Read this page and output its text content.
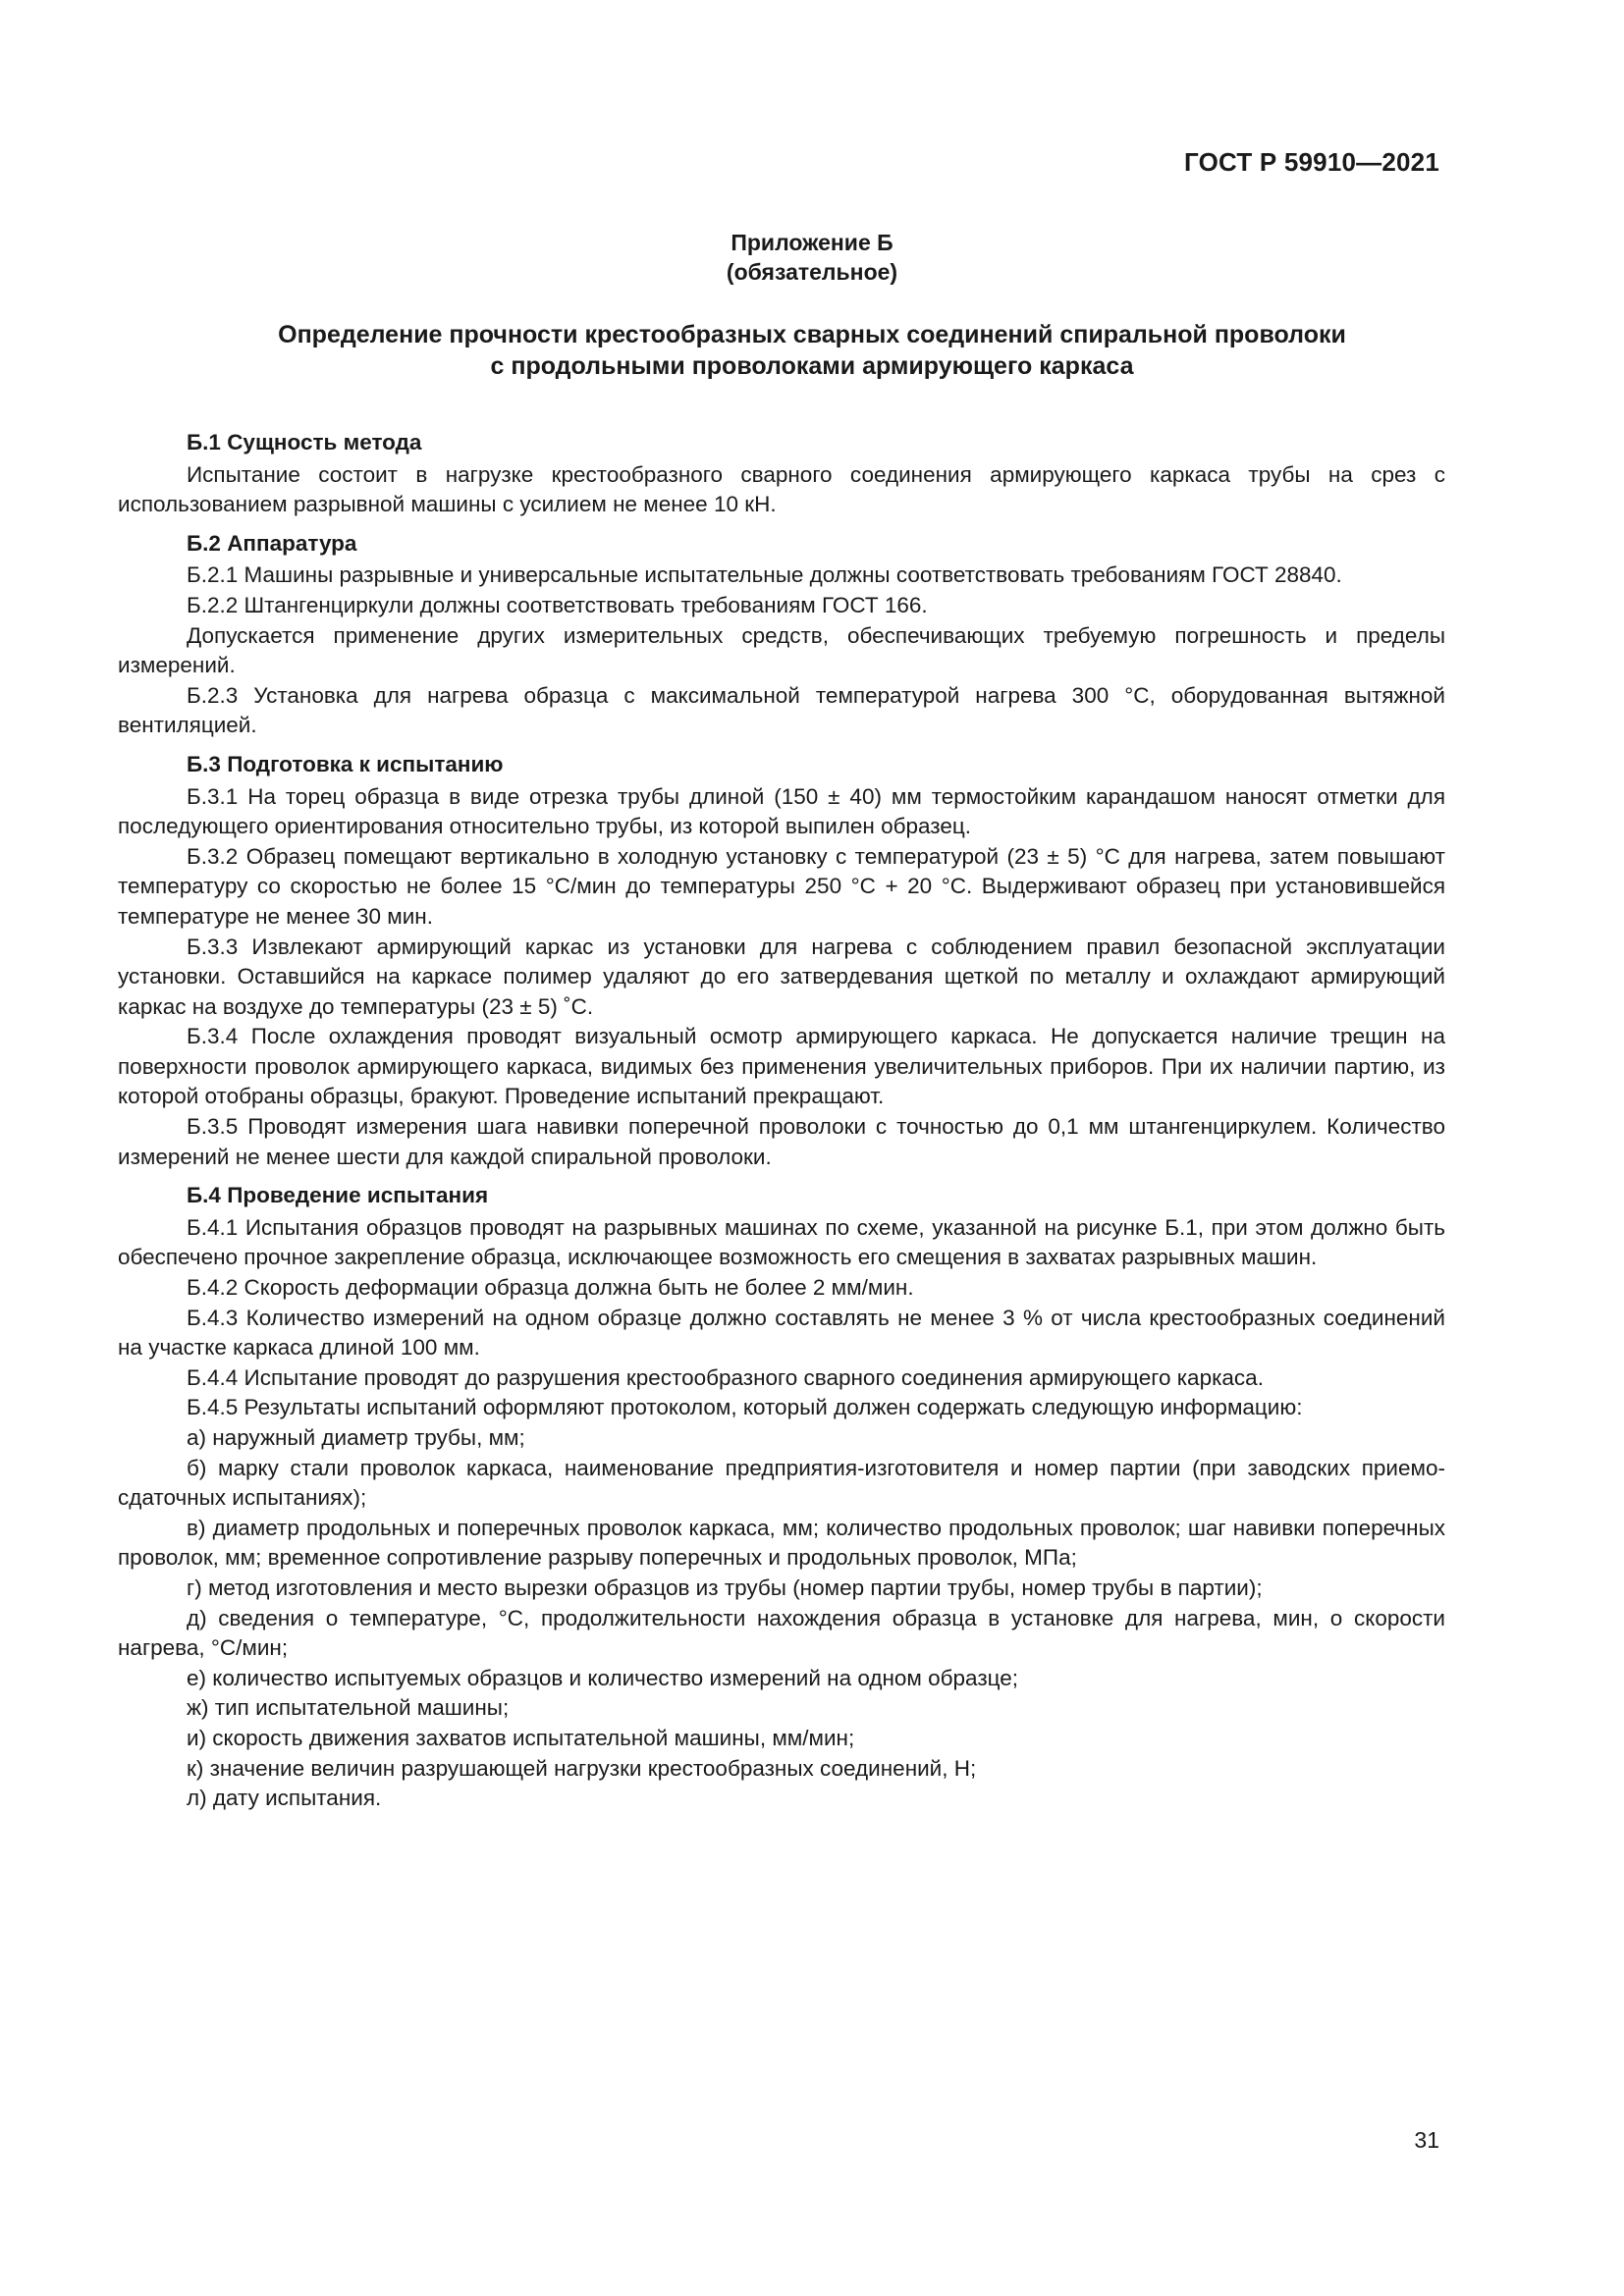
ГОСТ Р 59910—2021
Приложение Б
(обязательное)
Определение прочности крестообразных сварных соединений спиральной проволоки
с продольными проволоками армирующего каркаса
Б.1 Сущность метода

Испытание состоит в нагрузке крестообразного сварного соединения армирующего каркаса трубы на срез с использованием разрывной машины с усилием не менее 10 кН.

Б.2 Аппаратура

Б.2.1 Машины разрывные и универсальные испытательные должны соответствовать требованиям ГОСТ 28840.

Б.2.2 Штангенциркули должны соответствовать требованиям ГОСТ 166.

Допускается применение других измерительных средств, обеспечивающих требуемую погрешность и пределы измерений.

Б.2.3 Установка для нагрева образца с максимальной температурой нагрева 300 °С, оборудованная вытяжной вентиляцией.

Б.3 Подготовка к испытанию

Б.3.1 На торец образца в виде отрезка трубы длиной (150 ± 40) мм термостойким карандашом наносят отметки для последующего ориентирования относительно трубы, из которой выпилен образец.

Б.3.2 Образец помещают вертикально в холодную установку с температурой (23 ± 5) °С для нагрева, затем повышают температуру со скоростью не более 15 °С/мин до температуры 250 °С + 20 °С. Выдерживают образец при установившейся температуре не менее 30 мин.

Б.3.3 Извлекают армирующий каркас из установки для нагрева с соблюдением правил безопасной эксплуатации установки. Оставшийся на каркасе полимер удаляют до его затвердевания щеткой по металлу и охлаждают армирующий каркас на воздухе до температуры (23 ± 5) ˚С.

Б.3.4 После охлаждения проводят визуальный осмотр армирующего каркаса. Не допускается наличие трещин на поверхности проволок армирующего каркаса, видимых без применения увеличительных приборов. При их наличии партию, из которой отобраны образцы, бракуют. Проведение испытаний прекращают.

Б.3.5 Проводят измерения шага навивки поперечной проволоки с точностью до 0,1 мм штангенциркулем. Количество измерений не менее шести для каждой спиральной проволоки.

Б.4 Проведение испытания

Б.4.1 Испытания образцов проводят на разрывных машинах по схеме, указанной на рисунке Б.1, при этом должно быть обеспечено прочное закрепление образца, исключающее возможность его смещения в захватах разрывных машин.

Б.4.2 Скорость деформации образца должна быть не более 2 мм/мин.

Б.4.3 Количество измерений на одном образце должно составлять не менее 3 % от числа крестообразных соединений на участке каркаса длиной 100 мм.

Б.4.4 Испытание проводят до разрушения крестообразного сварного соединения армирующего каркаса.

Б.4.5 Результаты испытаний оформляют протоколом, который должен содержать следующую информацию:

а) наружный диаметр трубы, мм;

б) марку стали проволок каркаса, наименование предприятия-изготовителя и номер партии (при заводских приемо-сдаточных испытаниях);

в) диаметр продольных и поперечных проволок каркаса, мм; количество продольных проволок; шаг навивки поперечных проволок, мм; временное сопротивление разрыву поперечных и продольных проволок, МПа;

г) метод изготовления и место вырезки образцов из трубы (номер партии трубы, номер трубы в партии);

д) сведения о температуре, °С, продолжительности нахождения образца в установке для нагрева, мин, о скорости нагрева, °С/мин;

е) количество испытуемых образцов и количество измерений на одном образце;

ж) тип испытательной машины;

и) скорость движения захватов испытательной машины, мм/мин;

к) значение величин разрушающей нагрузки крестообразных соединений, Н;

л) дату испытания.

31
